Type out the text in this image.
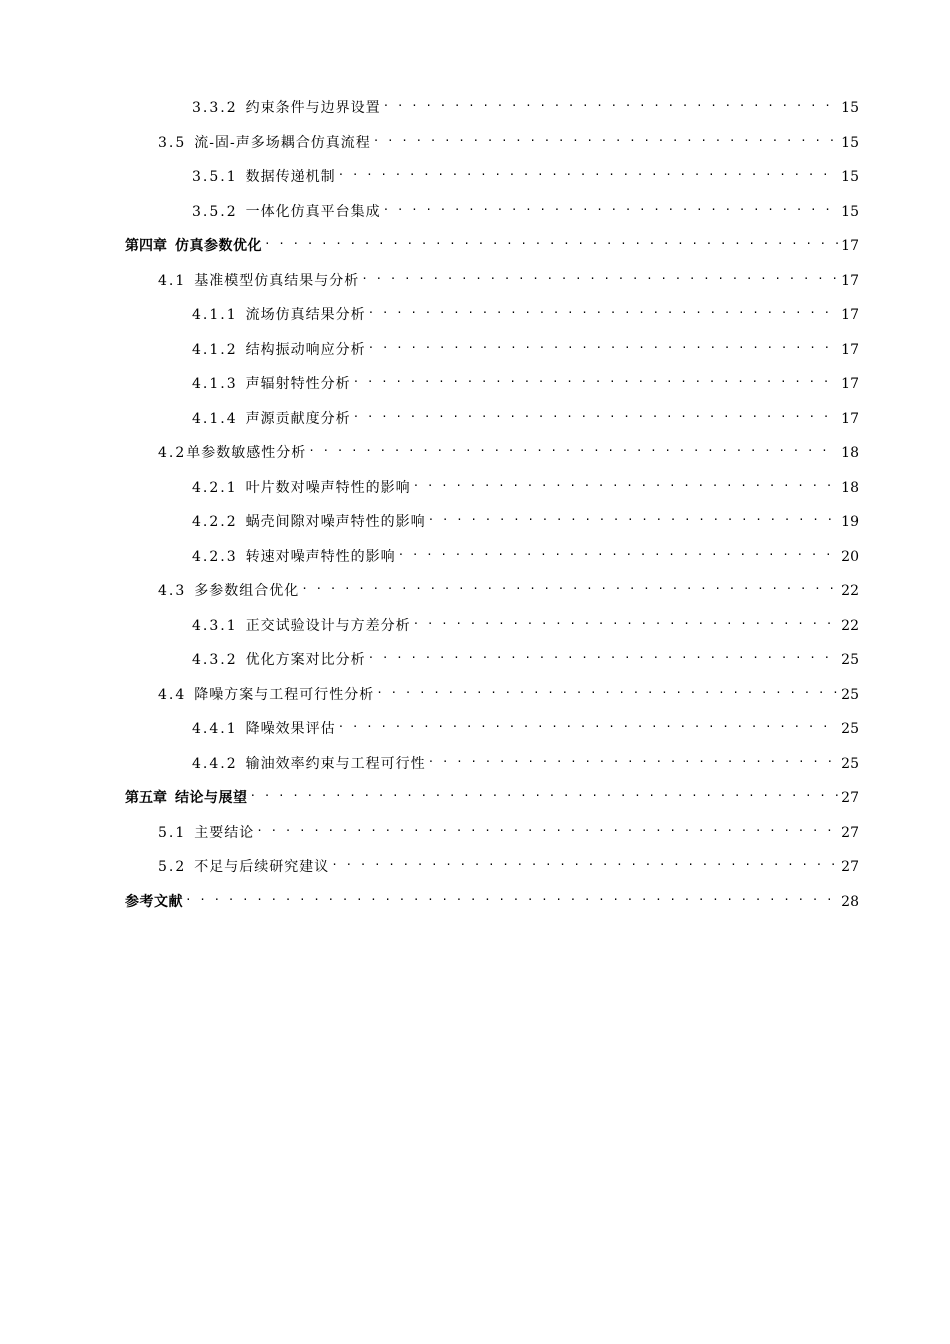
3.3.2 约束条件与边界设置 . . .	15
3.5 流-固-声多场耦合仿真流程 . . .	15
3.5.1 数据传递机制 . . .	15
3.5.2 一体化仿真平台集成 . . .	15
第四章 仿真参数优化 . . .	17
4.1 基准模型仿真结果与分析 . . .	17
4.1.1 流场仿真结果分析 . . .	17
4.1.2 结构振动响应分析 . . .	17
4.1.3 声辐射特性分析 . . .	17
4.1.4 声源贡献度分析 . . .	17
4.2 单参数敏感性分析 . . .	18
4.2.1 叶片数对噪声特性的影响 . . .	18
4.2.2 蜗壳间隙对噪声特性的影响 . . .	19
4.2.3 转速对噪声特性的影响 . . .	20
4.3 多参数组合优化 . . .	22
4.3.1 正交试验设计与方差分析 . . .	22
4.3.2 优化方案对比分析 . . .	25
4.4 降噪方案与工程可行性分析 . . .	25
4.4.1 降噪效果评估 . . .	25
4.4.2 输油效率约束与工程可行性 . . .	25
第五章 结论与展望 . . .	27
5.1 主要结论 . . .	27
5.2 不足与后续研究建议 . . .	27
参考文献 . . .	28
